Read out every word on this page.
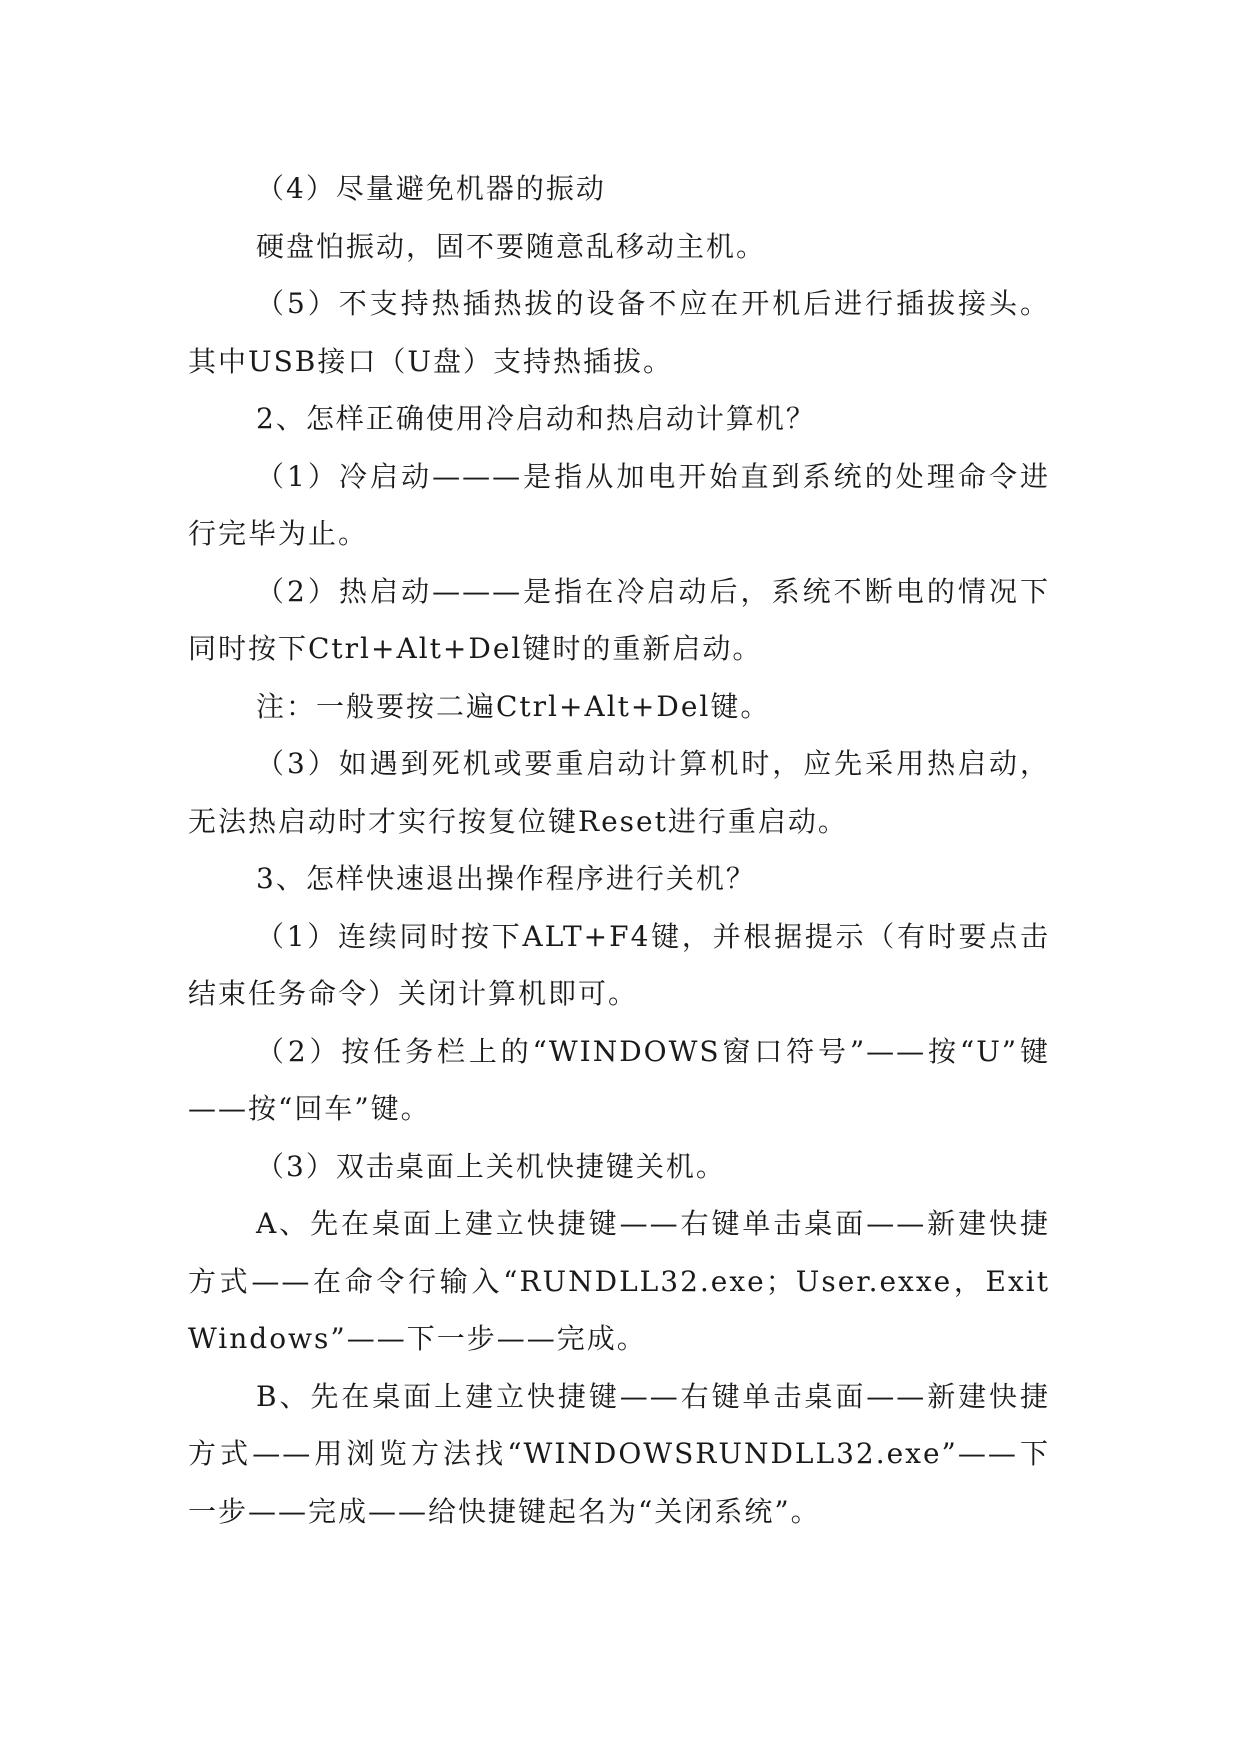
（4）尽量避免机器的振动

硬盘怕振动，固不要随意乱移动主机。

（5）不支持热插热拔的设备不应在开机后进行插拔接头。其中USB接口（U盘）支持热插拔。

2、怎样正确使用冷启动和热启动计算机？

（1）冷启动———是指从加电开始直到系统的处理命令进行完毕为止。

（2）热启动———是指在冷启动后，系统不断电的情况下同时按下Ctrl+Alt+Del键时的重新启动。

注：一般要按二遍Ctrl+Alt+Del键。

（3）如遇到死机或要重启动计算机时，应先采用热启动，无法热启动时才实行按复位键Reset进行重启动。

3、怎样快速退出操作程序进行关机？

（1）连续同时按下ALT+F4键，并根据提示（有时要点击结束任务命令）关闭计算机即可。

（2）按任务栏上的“WINDOWS窗口符号”——按“U”键——按“回车”键。

（3）双击桌面上关机快捷键关机。

A、先在桌面上建立快捷键——右键单击桌面——新建快捷方式——在命令行输入“RUNDLL32.exe；User.exxe，ExitWindows”——下一步——完成。

B、先在桌面上建立快捷键——右键单击桌面——新建快捷方式——用浏览方法找“WINDOWSRUNDLL32.exe”——下一步——完成——给快捷键起名为“关闭系统”。
